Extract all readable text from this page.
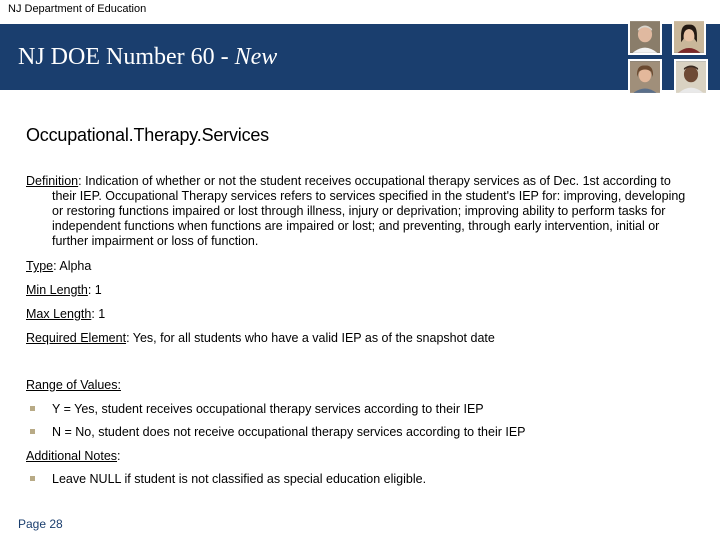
NJ Department of Education
NJ DOE Number 60 - New
Occupational.Therapy.Services

Definition: Indication of whether or not the student receives occupational therapy services as of Dec. 1st according to their IEP. Occupational Therapy services refers to services specified in the student's IEP for: improving, developing or restoring functions impaired or lost through illness, injury or deprivation; improving ability to perform tasks for independent functions when functions are impaired or lost; and preventing, through early intervention, initial or further impairment or loss of function.

Type: Alpha

Min Length: 1

Max Length: 1

Required Element: Yes, for all students who have a valid IEP as of the snapshot date

Range of Values:

Y = Yes, student receives occupational therapy services according to their IEP
N = No, student does not receive occupational therapy services according to their IEP

Additional Notes:

Leave NULL if student is not classified as special education eligible.
Page 28
